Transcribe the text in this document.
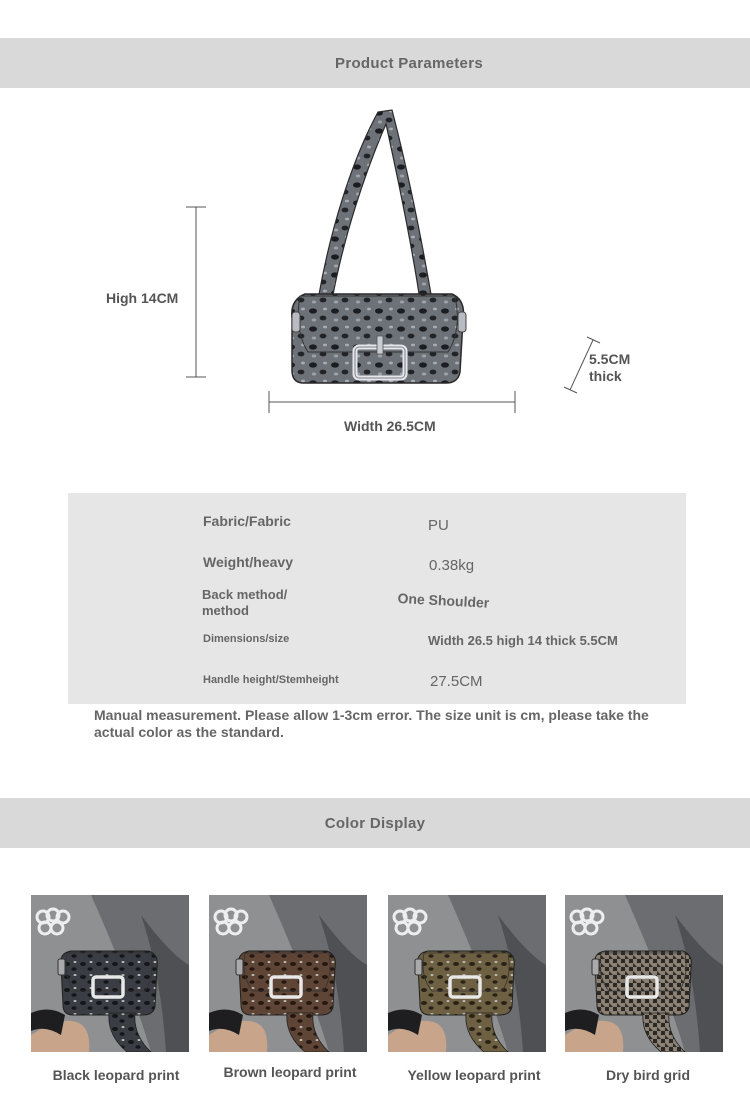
Product Parameters
High 14CM
Width 26.5CM
5.5CM
thick
Fabric/Fabric	PU
Weight/heavy	0.38kg
Back method/
method	One Shoulder
Dimensions/size	Width 26.5 high 14 thick 5.5CM
Handle height/Stemheight	27.5CM
Manual measurement. Please allow 1-3cm error. The size unit is cm, please take the actual color as the standard.
Color Display
Black leopard print	Brown leopard print	Yellow leopard print	Dry bird grid
